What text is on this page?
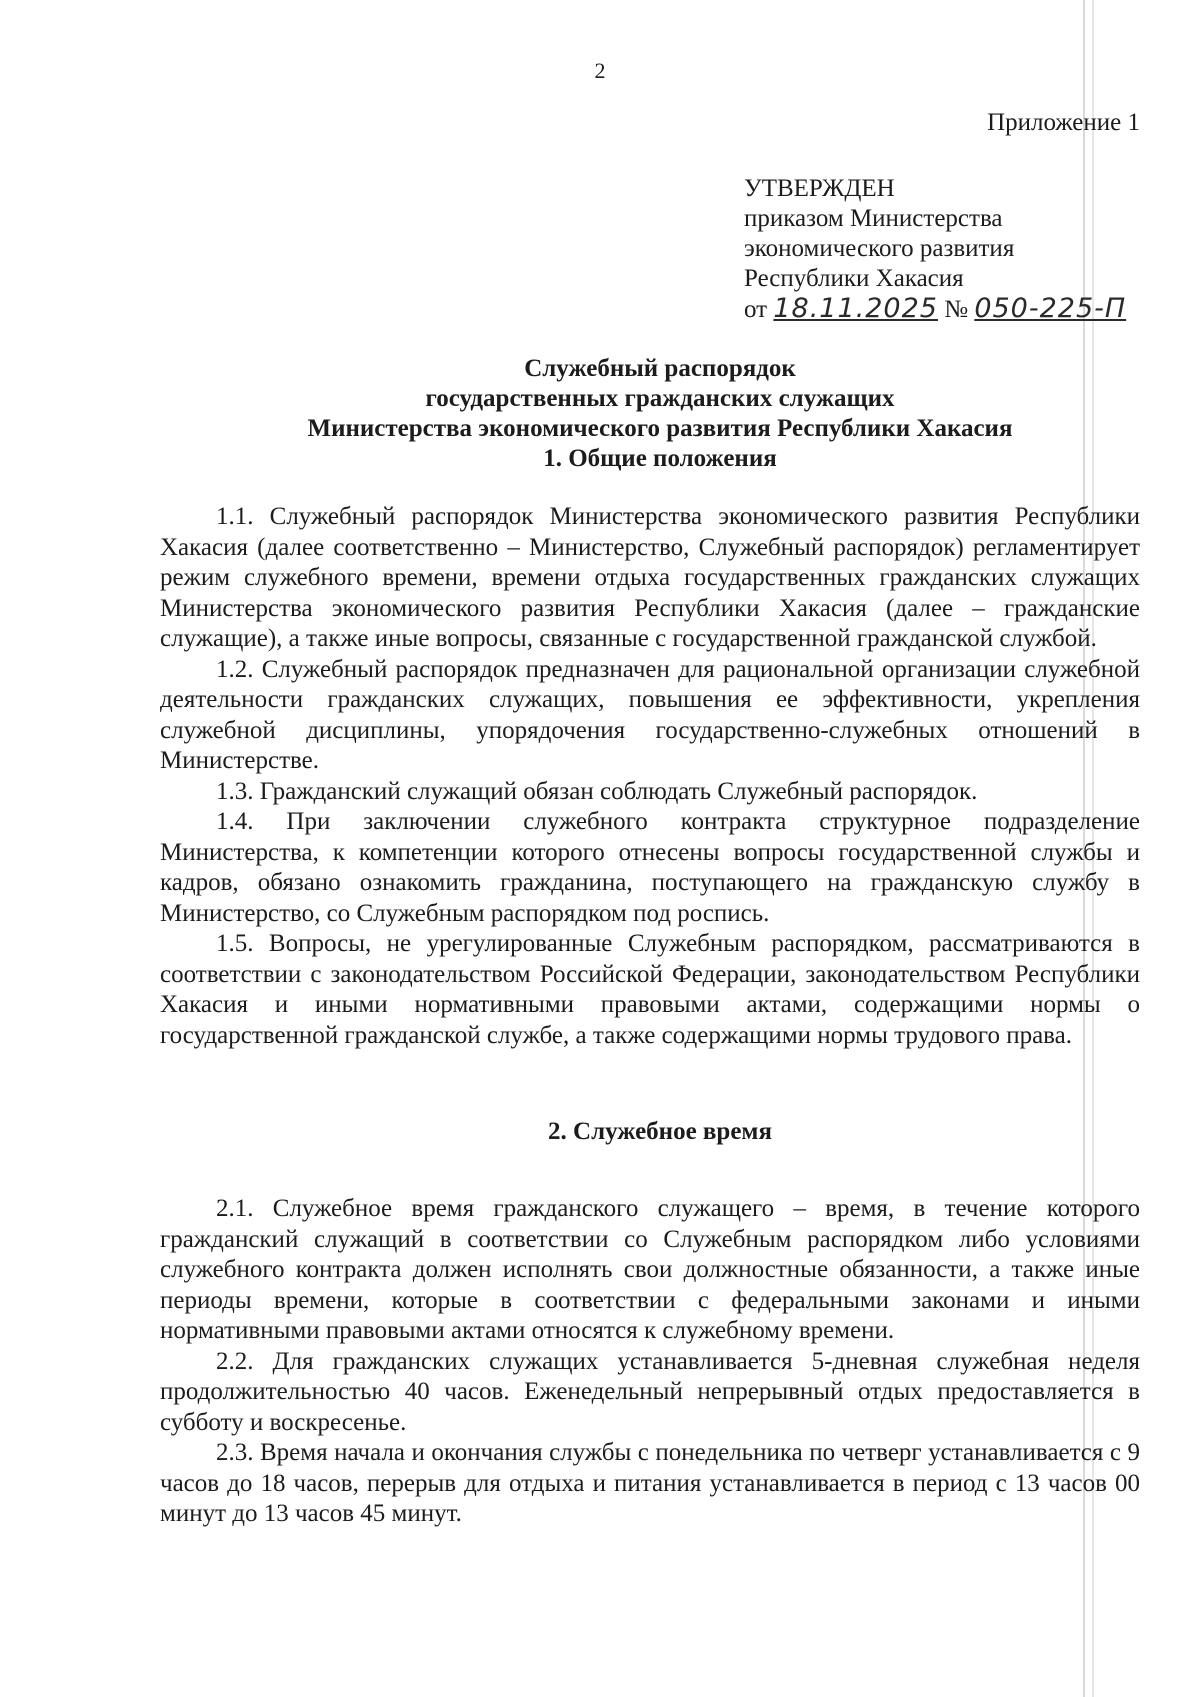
2
Приложение 1
УТВЕРЖДЕН
приказом Министерства
экономического развития
Республики Хакасия
от 18.11.2025 № 050-225-П
Служебный распорядок
государственных гражданских служащих
Министерства экономического развития Республики Хакасия
1. Общие положения

1.1. Служебный распорядок Министерства экономического развития Республики Хакасия (далее соответственно – Министерство, Служебный распорядок) регламентирует режим служебного времени, времени отдыха государственных гражданских служащих Министерства экономического развития Республики Хакасия (далее – гражданские служащие), а также иные вопросы, связанные с государственной гражданской службой.

1.2. Служебный распорядок предназначен для рациональной организации служебной деятельности гражданских служащих, повышения ее эффективности, укрепления служебной дисциплины, упорядочения государственно-служебных отношений в Министерстве.

1.3. Гражданский служащий обязан соблюдать Служебный распорядок.

1.4. При заключении служебного контракта структурное подразделение Министерства, к компетенции которого отнесены вопросы государственной службы и кадров, обязано ознакомить гражданина, поступающего на гражданскую службу в Министерство, со Служебным распорядком под роспись.

1.5. Вопросы, не урегулированные Служебным распорядком, рассматриваются в соответствии с законодательством Российской Федерации, законодательством Республики Хакасия и иными нормативными правовыми актами, содержащими нормы о государственной гражданской службе, а также содержащими нормы трудового права.

2. Служебное время

2.1. Служебное время гражданского служащего – время, в течение которого гражданский служащий в соответствии со Служебным распорядком либо условиями служебного контракта должен исполнять свои должностные обязанности, а также иные периоды времени, которые в соответствии с федеральными законами и иными нормативными правовыми актами относятся к служебному времени.

2.2. Для гражданских служащих устанавливается 5-дневная служебная неделя продолжительностью 40 часов. Еженедельный непрерывный отдых предоставляется в субботу и воскресенье.

2.3. Время начала и окончания службы с понедельника по четверг устанавливается с 9 часов до 18 часов, перерыв для отдыха и питания устанавливается в период с 13 часов 00 минут до 13 часов 45 минут.
